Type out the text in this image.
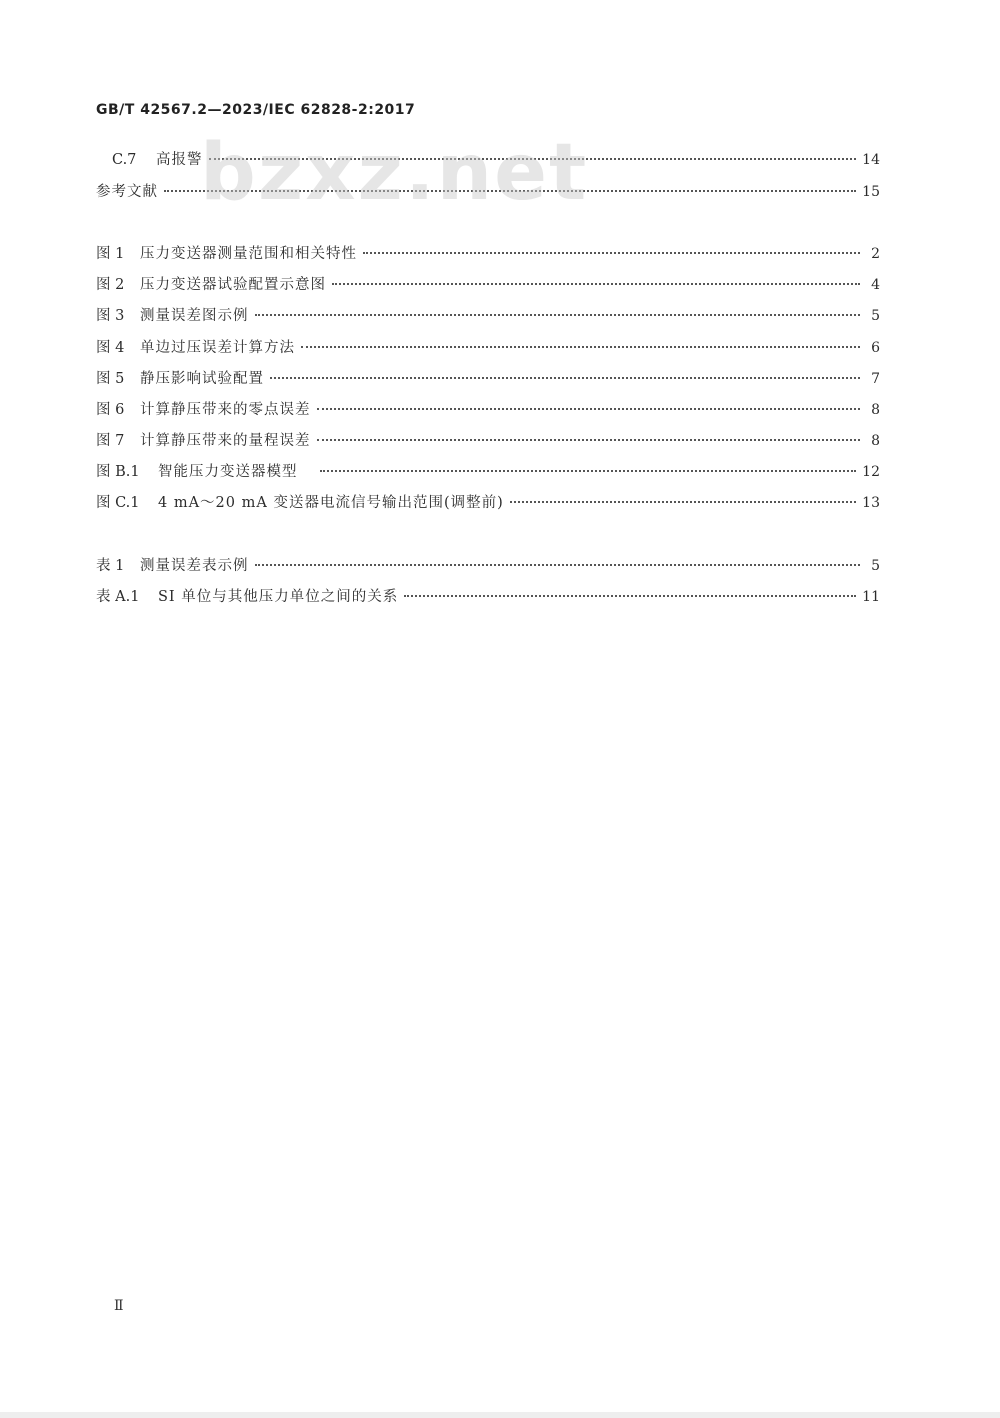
GB/T 42567.2—2023/IEC 62828-2:2017
bzxz.net
C.7 高报警	14
参考文献	15
图 1 压力变送器测量范围和相关特性	2
图 2 压力变送器试验配置示意图	4
图 3 测量误差图示例	5
图 4 单边过压误差计算方法	6
图 5 静压影响试验配置	7
图 6 计算静压带来的零点误差	8
图 7 计算静压带来的量程误差	8
图 B.1 智能压力变送器模型	12
图 C.1 4 mA～20 mA 变送器电流信号输出范围(调整前)	13
表 1 测量误差表示例	5
表 A.1 SI 单位与其他压力单位之间的关系	11
Ⅱ
